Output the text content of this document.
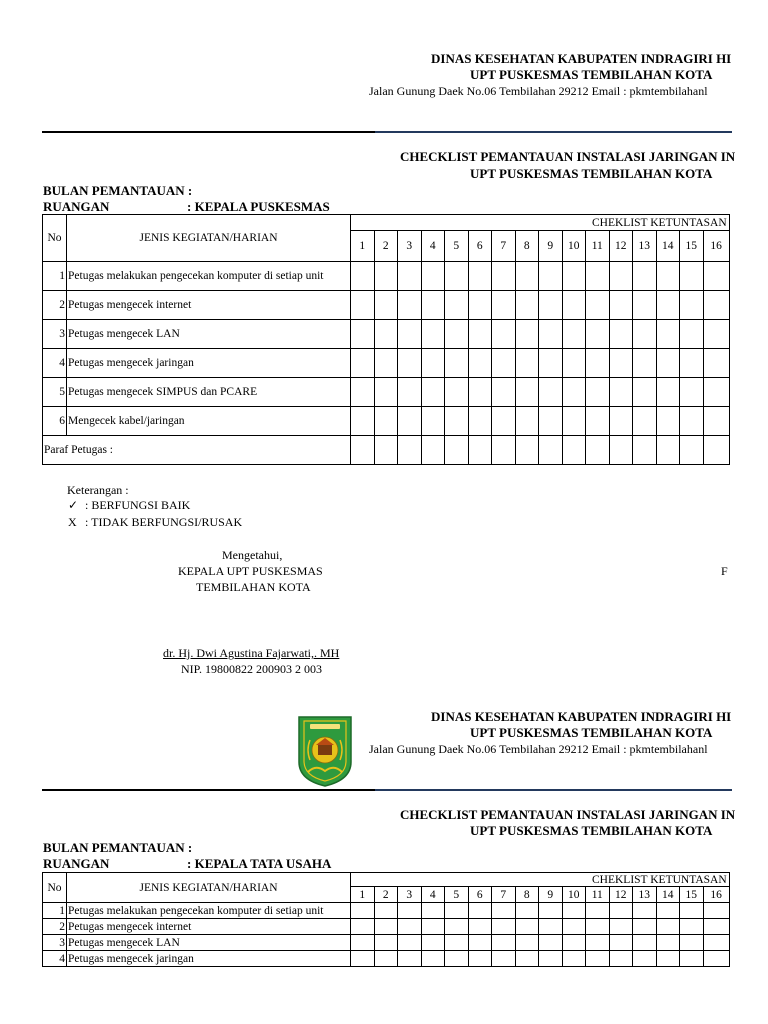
DINAS KESEHATAN KABUPATEN INDRAGIRI HI
UPT PUSKESMAS TEMBILAHAN KOTA
Jalan Gunung Daek No.06 Tembilahan 29212 Email : pkmtembilahanl
CHECKLIST PEMANTAUAN INSTALASI JARINGAN IN
UPT PUSKESMAS TEMBILAHAN KOTA
BULAN PEMANTAUAN :
RUANGAN	: KEPALA PUSKESMAS
No	JENIS KEGIATAN/HARIAN	CHEKLIST KETUNTASAN															
		1	2	3	4	5	6	7	8	9	10	11	12	13	14	15	16
1	Petugas melakukan pengecekan komputer di setiap unit																
2	Petugas mengecek internet																
3	Petugas mengecek LAN																
4	Petugas mengecek jaringan																
5	Petugas mengecek SIMPUS dan PCARE																
6	Mengecek kabel/jaringan																
Paraf Petugas :																	
Keterangan :
✓ : BERFUNGSI BAIK
X : TIDAK BERFUNGSI/RUSAK
Mengetahui,
KEPALA UPT PUSKESMAS
TEMBILAHAN KOTA
F
dr. Hj. Dwi Agustina Fajarwati,. MH
NIP. 19800822 200903 2 003
DINAS KESEHATAN KABUPATEN INDRAGIRI HI
UPT PUSKESMAS TEMBILAHAN KOTA
Jalan Gunung Daek No.06 Tembilahan 29212 Email : pkmtembilahanl
CHECKLIST PEMANTAUAN INSTALASI JARINGAN IN
UPT PUSKESMAS TEMBILAHAN KOTA
BULAN PEMANTAUAN :
RUANGAN	: KEPALA TATA USAHA
No	JENIS KEGIATAN/HARIAN	CHEKLIST KETUNTASAN															
		1	2	3	4	5	6	7	8	9	10	11	12	13	14	15	16
1	Petugas melakukan pengecekan komputer di setiap unit																
2	Petugas mengecek internet																
3	Petugas mengecek LAN																
4	Petugas mengecek jaringan																
